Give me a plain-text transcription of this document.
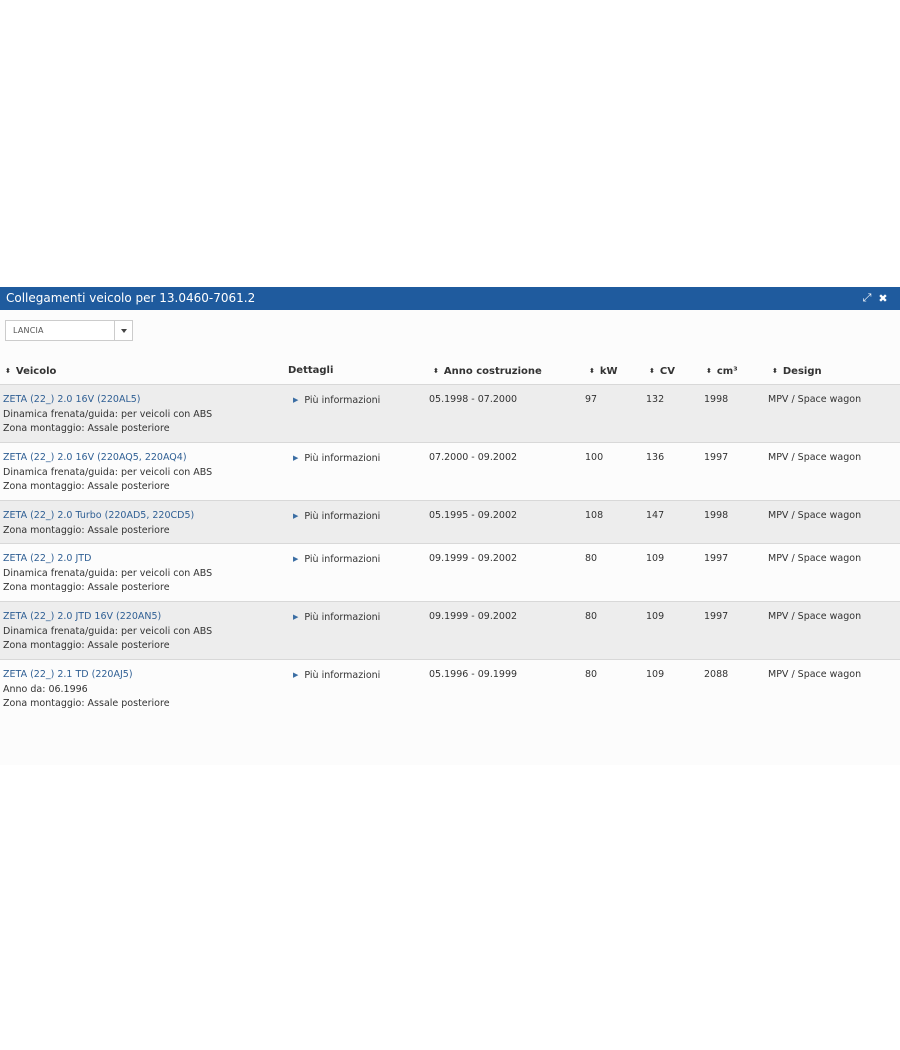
Collegamenti veicolo per 13.0460-7061.2	⤢ ✖
LANCIA
⬍ Veicolo	Dettagli	⬍ Anno costruzione	⬍ kW	⬍ CV	⬍ cm³	⬍ Design
ZETA (22_) 2.0 16V (220AL5)
Dinamica frenata/guida: per veicoli con ABS
Zona montaggio: Assale posteriore
▶ Più informazioni	05.1998 - 07.2000	97	132	1998	MPV / Space wagon
ZETA (22_) 2.0 16V (220AQ5, 220AQ4)
Dinamica frenata/guida: per veicoli con ABS
Zona montaggio: Assale posteriore
▶ Più informazioni	07.2000 - 09.2002	100	136	1997	MPV / Space wagon
ZETA (22_) 2.0 Turbo (220AD5, 220CD5)
Zona montaggio: Assale posteriore
▶ Più informazioni	05.1995 - 09.2002	108	147	1998	MPV / Space wagon
ZETA (22_) 2.0 JTD
Dinamica frenata/guida: per veicoli con ABS
Zona montaggio: Assale posteriore
▶ Più informazioni	09.1999 - 09.2002	80	109	1997	MPV / Space wagon
ZETA (22_) 2.0 JTD 16V (220AN5)
Dinamica frenata/guida: per veicoli con ABS
Zona montaggio: Assale posteriore
▶ Più informazioni	09.1999 - 09.2002	80	109	1997	MPV / Space wagon
ZETA (22_) 2.1 TD (220AJ5)
Anno da: 06.1996
Zona montaggio: Assale posteriore
▶ Più informazioni	05.1996 - 09.1999	80	109	2088	MPV / Space wagon
